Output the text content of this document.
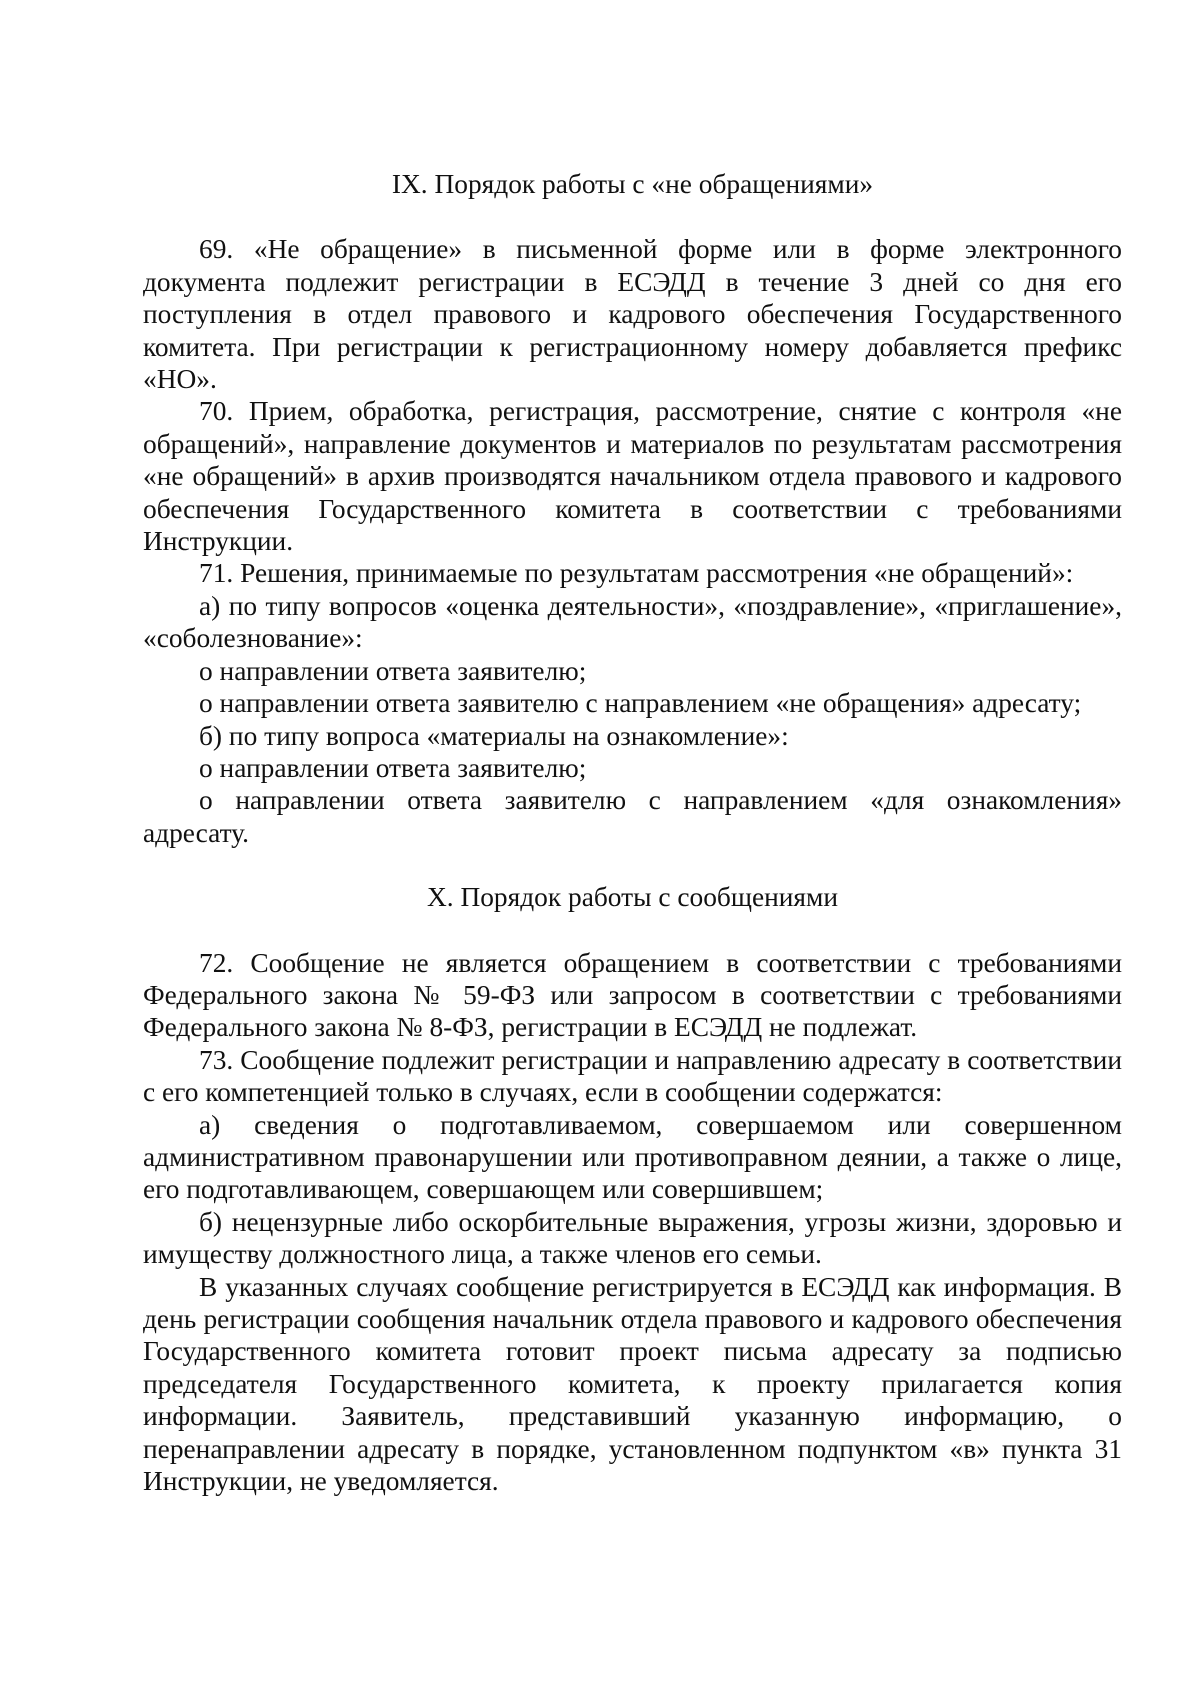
IX. Порядок работы с «не обращениями»

69. «Не обращение» в письменной форме или в форме электронного документа подлежит регистрации в ЕСЭДД в течение 3 дней со дня его поступления в отдел правового и кадрового обеспечения Государственного комитета. При регистрации к регистрационному номеру добавляется префикс «НО».

70. Прием, обработка, регистрация, рассмотрение, снятие с контроля «не обращений», направление документов и материалов по результатам рассмотрения «не обращений» в архив производятся начальником отдела правового и кадрового обеспечения Государственного комитета в соответствии с требованиями Инструкции.

71. Решения, принимаемые по результатам рассмотрения «не обращений»:

а) по типу вопросов «оценка деятельности», «поздравление», «приглашение», «соболезнование»:

о направлении ответа заявителю;

о направлении ответа заявителю с направлением «не обращения» адресату;

б) по типу вопроса «материалы на ознакомление»:

о направлении ответа заявителю;

о направлении ответа заявителю с направлением «для ознакомления» адресату.

X. Порядок работы с сообщениями

72. Сообщение не является обращением в соответствии с требованиями Федерального закона № 59-ФЗ или запросом в соответствии с требованиями Федерального закона № 8-ФЗ, регистрации в ЕСЭДД не подлежат.

73. Сообщение подлежит регистрации и направлению адресату в соответствии с его компетенцией только в случаях, если в сообщении содержатся:

а) сведения о подготавливаемом, совершаемом или совершенном административном правонарушении или противоправном деянии, а также о лице, его подготавливающем, совершающем или совершившем;

б) нецензурные либо оскорбительные выражения, угрозы жизни, здоровью и имуществу должностного лица, а также членов его семьи.

В указанных случаях сообщение регистрируется в ЕСЭДД как информация. В день регистрации сообщения начальник отдела правового и кадрового обеспечения Государственного комитета готовит проект письма адресату за подписью председателя Государственного комитета, к проекту прилагается копия информации. Заявитель, представивший указанную информацию, о перенаправлении адресату в порядке, установленном подпунктом «в» пункта 31 Инструкции, не уведомляется.
